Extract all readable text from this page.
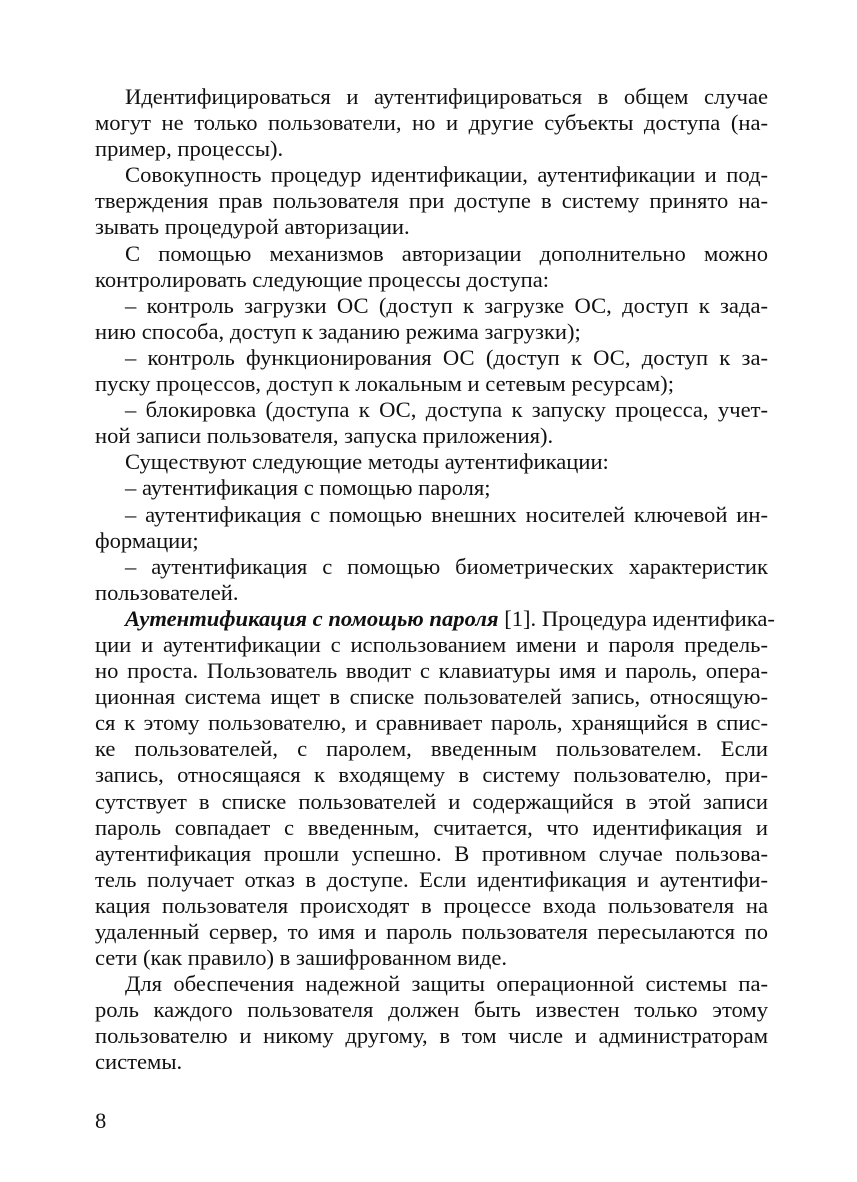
Идентифицироваться и аутентифицироваться в общем случае
могут не только пользователи, но и другие субъекты доступа (на-
пример, процессы).
Совокупность процедур идентификации, аутентификации и под-
тверждения прав пользователя при доступе в систему принято на-
зывать процедурой авторизации.
С помощью механизмов авторизации дополнительно можно
контролировать следующие процессы доступа:
– контроль загрузки ОС (доступ к загрузке ОС, доступ к зада-
нию способа, доступ к заданию режима загрузки);
– контроль функционирования ОС (доступ к ОС, доступ к за-
пуску процессов, доступ к локальным и сетевым ресурсам);
– блокировка (доступа к ОС, доступа к запуску процесса, учет-
ной записи пользователя, запуска приложения).
Существуют следующие методы аутентификации:
– аутентификация с помощью пароля;
– аутентификация с помощью внешних носителей ключевой ин-
формации;
– аутентификация с помощью биометрических характеристик
пользователей.
Аутентификация с помощью пароля [1]. Процедура идентифика-
ции и аутентификации с использованием имени и пароля предель-
но проста. Пользователь вводит с клавиатуры имя и пароль, опера-
ционная система ищет в списке пользователей запись, относящую-
ся к этому пользователю, и сравнивает пароль, хранящийся в спис-
ке пользователей, с паролем, введенным пользователем. Если
запись, относящаяся к входящему в систему пользователю, при-
сутствует в списке пользователей и содержащийся в этой записи
пароль совпадает с введенным, считается, что идентификация и
аутентификация прошли успешно. В противном случае пользова-
тель получает отказ в доступе. Если идентификация и аутентифи-
кация пользователя происходят в процессе входа пользователя на
удаленный сервер, то имя и пароль пользователя пересылаются по
сети (как правило) в зашифрованном виде.
Для обеспечения надежной защиты операционной системы па-
роль каждого пользователя должен быть известен только этому
пользователю и никому другому, в том числе и администраторам
системы.
8
